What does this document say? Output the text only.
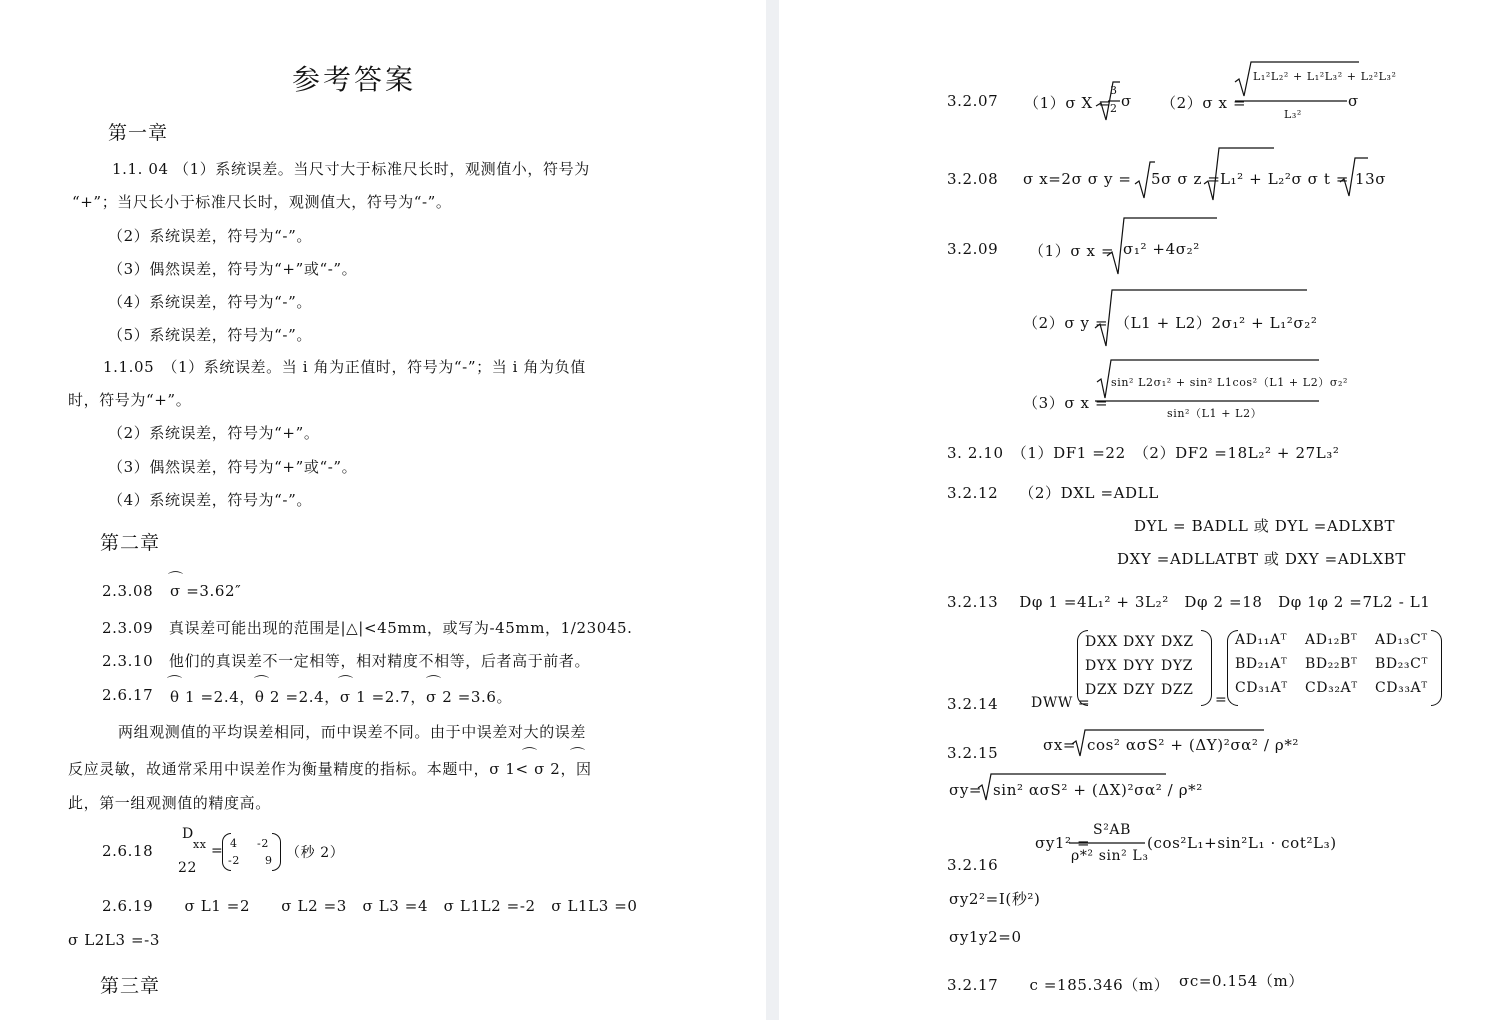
参考答案
第一章
1.1. 04 （1）系统误差。当尺寸大于标准尺长时，观测值小，符号为
“+”；当尺长小于标准尺长时，观测值大，符号为“-”。
（2）系统误差，符号为“-”。
（3）偶然误差，符号为“+”或“-”。
（4）系统误差，符号为“-”。
（5）系统误差，符号为“-”。
1.1.05　（1）系统误差。当 i 角为正值时，符号为“-”；当 i 角为负值
时，符号为“+”。
（2）系统误差，符号为“+”。
（3）偶然误差，符号为“+”或“-”。
（4）系统误差，符号为“-”。
第二章
2.3.08 σ =3.62″
⌒
2.3.09　真误差可能出现的范围是|△|<45mm，或写为-45mm，1/23045.
2.3.10　他们的真误差不一定相等，相对精度不相等，后者高于前者。
2.6.17 θ 1 =2.4，θ 2 =2.4，σ 1 =2.7，σ 2 =3.6。
⌒	⌒	⌒	⌒
两组观测值的平均误差相同，而中误差不同。由于中误差对大的误差
反应灵敏，故通常采用中误差作为衡量精度的指标。本题中，σ 1< σ 2，因
⌒ ⌒
此，第一组观测值的精度高。
2.6.18
D
xx
22
= 4 -2
-2 9 （秒 2）
2.6.19　　σ L1 =2　　σ L2 =3　σ L3 =4　σ L1L2 =-2　σ L1L3 =0
σ L2L3 =-3
第三章
3.2.07 （1）σ X =
3
2 σ （2）σ x =
L₁²L₂² + L₁²L₃² + L₂²L₃²
L₃²
σ
3.2.08 σ x=2σ σ y = 5σ σ z = L₁² + L₂²σ σ t = 13σ
3.2.09 （1）σ x = σ₁² +4σ₂²
（2）σ y = （L1 + L2）2σ₁² + L₁²σ₂²
（3）σ x =
sin² L2σ₁² + sin² L1cos²（L1 + L2）σ₂²
sin²（L1 + L2）
3. 2.10　（1）DF1 =22　（2）DF2 =18L₂² + 27L₃²
3.2.12　 （2）DXL =ADLL
DYL = BADLL 或 DYL =ADLXBT
DXY =ADLLATBT 或 DXY =ADLXBT
3.2.13　 Dφ 1 =4L₁² + 3L₂²　Dφ 2 =18　Dφ 1φ 2 =7L2 - L1
3.2.14 DWW =
DXX DXY DXZ
DYX DYY DYZ
DZX DZY DZZ
=
AD₁₁Aᵀ AD₁₂Bᵀ AD₁₃Cᵀ
BD₂₁Aᵀ BD₂₂Bᵀ BD₂₃Cᵀ
CD₃₁Aᵀ CD₃₂Aᵀ CD₃₃Aᵀ
3.2.15	σx= cos² ασS² + (ΔY)²σα² / ρ*²
σy= sin² ασS² + (ΔX)²σα² / ρ*²
σy1² =
S²AB
ρ*² sin² L₃
(cos²L₁+sin²L₁ · cot²L₃)
3.2.16
σy2²=I(秒²)
σy1y2=0
3.2.17　　c =185.346（m） σc=0.154（m）
